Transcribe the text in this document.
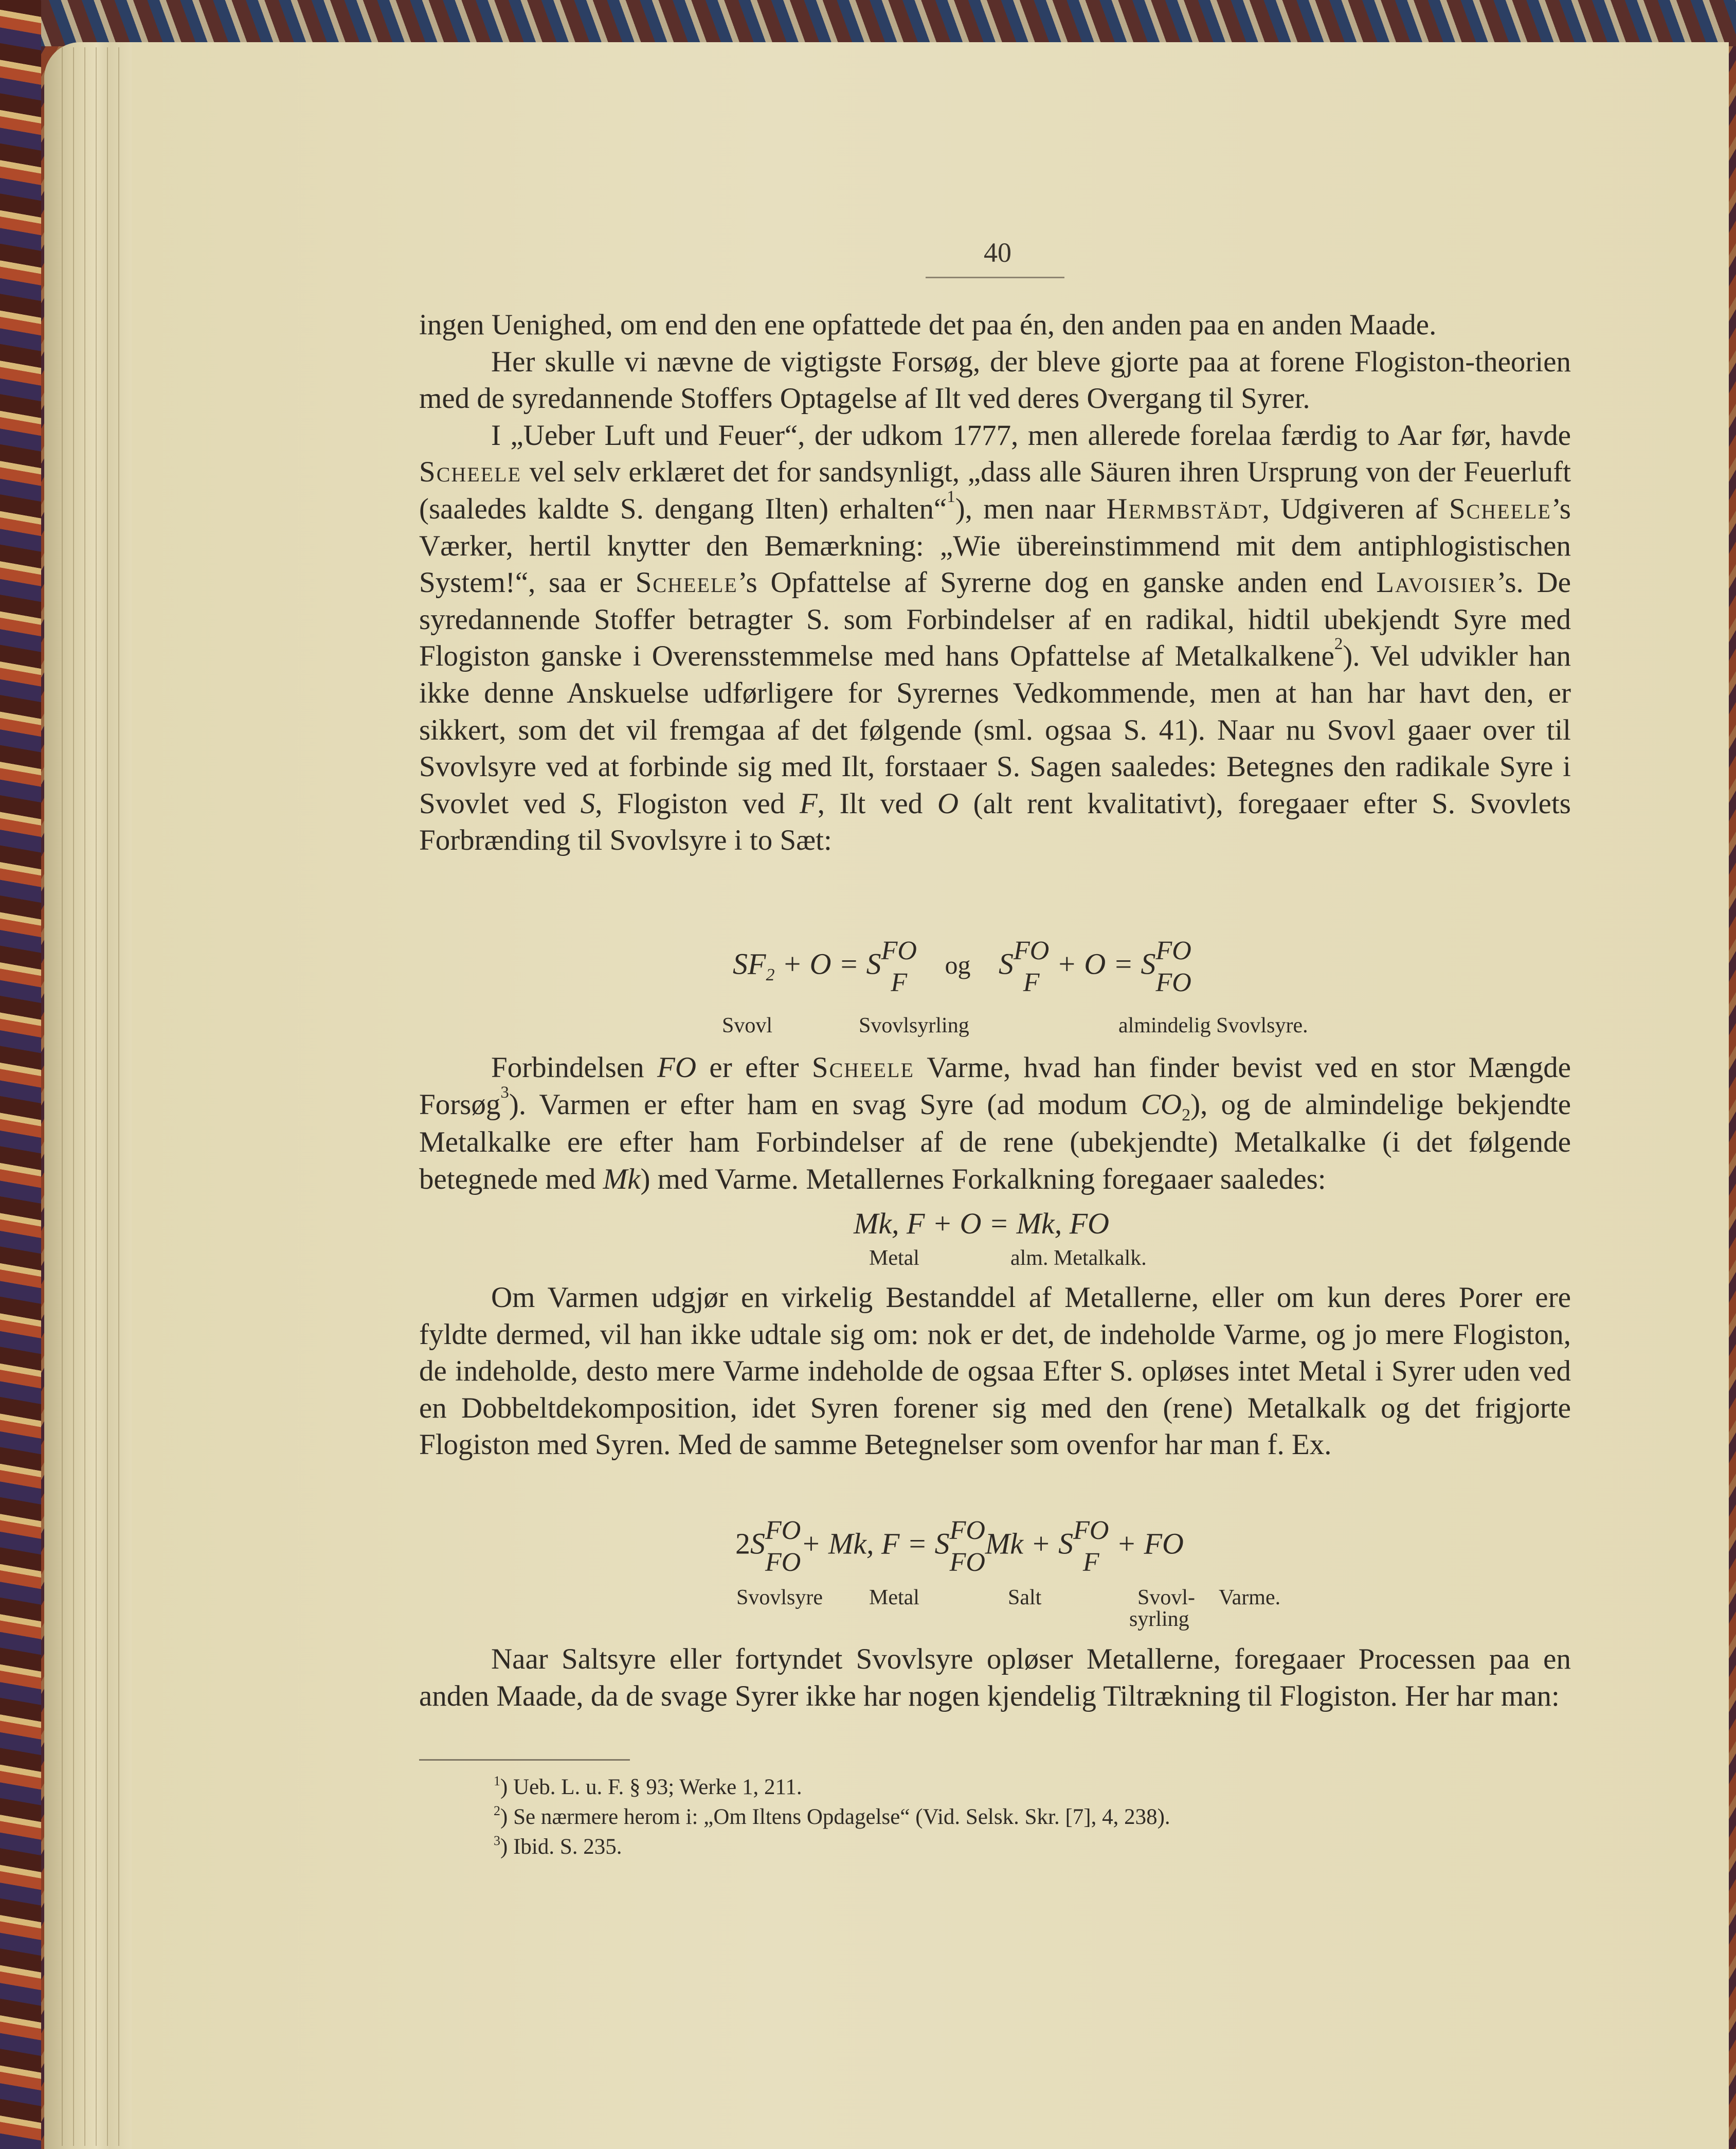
40

ingen Uenighed, om end den ene opfattede det paa én, den anden paa en anden Maade.

Her skulle vi nævne de vigtigste Forsøg, der bleve gjorte paa at forene Flogiston-theorien med de syredannende Stoffers Optagelse af Ilt ved deres Overgang til Syrer.

I „Ueber Luft und Feuer“, der udkom 1777, men allerede forelaa færdig to Aar før, havde Scheele vel selv erklæret det for sandsynligt, „dass alle Säuren ihren Ursprung von der Feuerluft (saaledes kaldte S. dengang Ilten) erhalten“$^1$), men naar Hermbstädt, Udgiveren af Scheele’s Værker, hertil knytter den Bemærkning: „Wie übereinstimmend mit dem antiphlogistischen System!“, saa er Scheele’s Opfattelse af Syrerne dog en ganske anden end Lavoisier’s. De syredannende Stoffer betragter S. som Forbindelser af en radikal, hidtil ubekjendt Syre med Flogiston ganske i Overensstemmelse med hans Opfattelse af Metalkalkene$^2$). Vel udvikler han ikke denne Anskuelse udførligere for Syrernes Vedkommende, men at han har havt den, er sikkert, som det vil fremgaa af det følgende (sml. ogsaa S. 41). Naar nu Svovl gaaer over til Svovlsyre ved at forbinde sig med Ilt, forstaaer S. Sagen saaledes: Betegnes den radikale Syre i Svovlet ved S, Flogiston ved F, Ilt ved O (alt rent kvalitativt), foregaaer efter S. Svovlets Forbrænding til Svovlsyre i to Sæt:

$SF_2 + O = S$ FO
F
og S FO
F
+ O = S FO
FO
Svovl	Svovlsyrling	almindelig Svovlsyre.

Forbindelsen FO er efter Scheele Varme, hvad han finder bevist ved en stor Mængde Forsøg$^3$). Varmen er efter ham en svag Syre (ad modum $CO_2$), og de almindelige bekjendte Metalkalke ere efter ham Forbindelser af de rene (ubekjendte) Metalkalke (i det følgende betegnede med Mk) med Varme. Metallernes Forkalkning foregaaer saaledes:

Mk, F + O = Mk, FO
Metal	alm. Metalkalk.

Om Varmen udgjør en virkelig Bestanddel af Metallerne, eller om kun deres Porer ere fyldte dermed, vil han ikke udtale sig om: nok er det, de indeholde Varme, og jo mere Flogiston, de indeholde, desto mere Varme indeholde de ogsaa Efter S. opløses intet Metal i Syrer uden ved en Dobbeltdekomposition, idet Syren forener sig med den (rene) Metalkalk og det frigjorte Flogiston med Syren. Med de samme Betegnelser som ovenfor har man f. Ex.

2S FO
FO
+ Mk, F = S FO
FO
Mk + S FO
F
+ FO
Svovlsyre Metal	Salt	Svovl-
syrling
Varme.

Naar Saltsyre eller fortyndet Svovlsyre opløser Metallerne, foregaaer Processen paa en anden Maade, da de svage Syrer ikke har nogen kjendelig Tiltrækning til Flogiston. Her har man:

$^1$) Ueb. L. u. F. § 93; Werke 1, 211.
$^2$) Se nærmere herom i: „Om Iltens Opdagelse“ (Vid. Selsk. Skr. [7], 4, 238).
$^3$) Ibid. S. 235.
